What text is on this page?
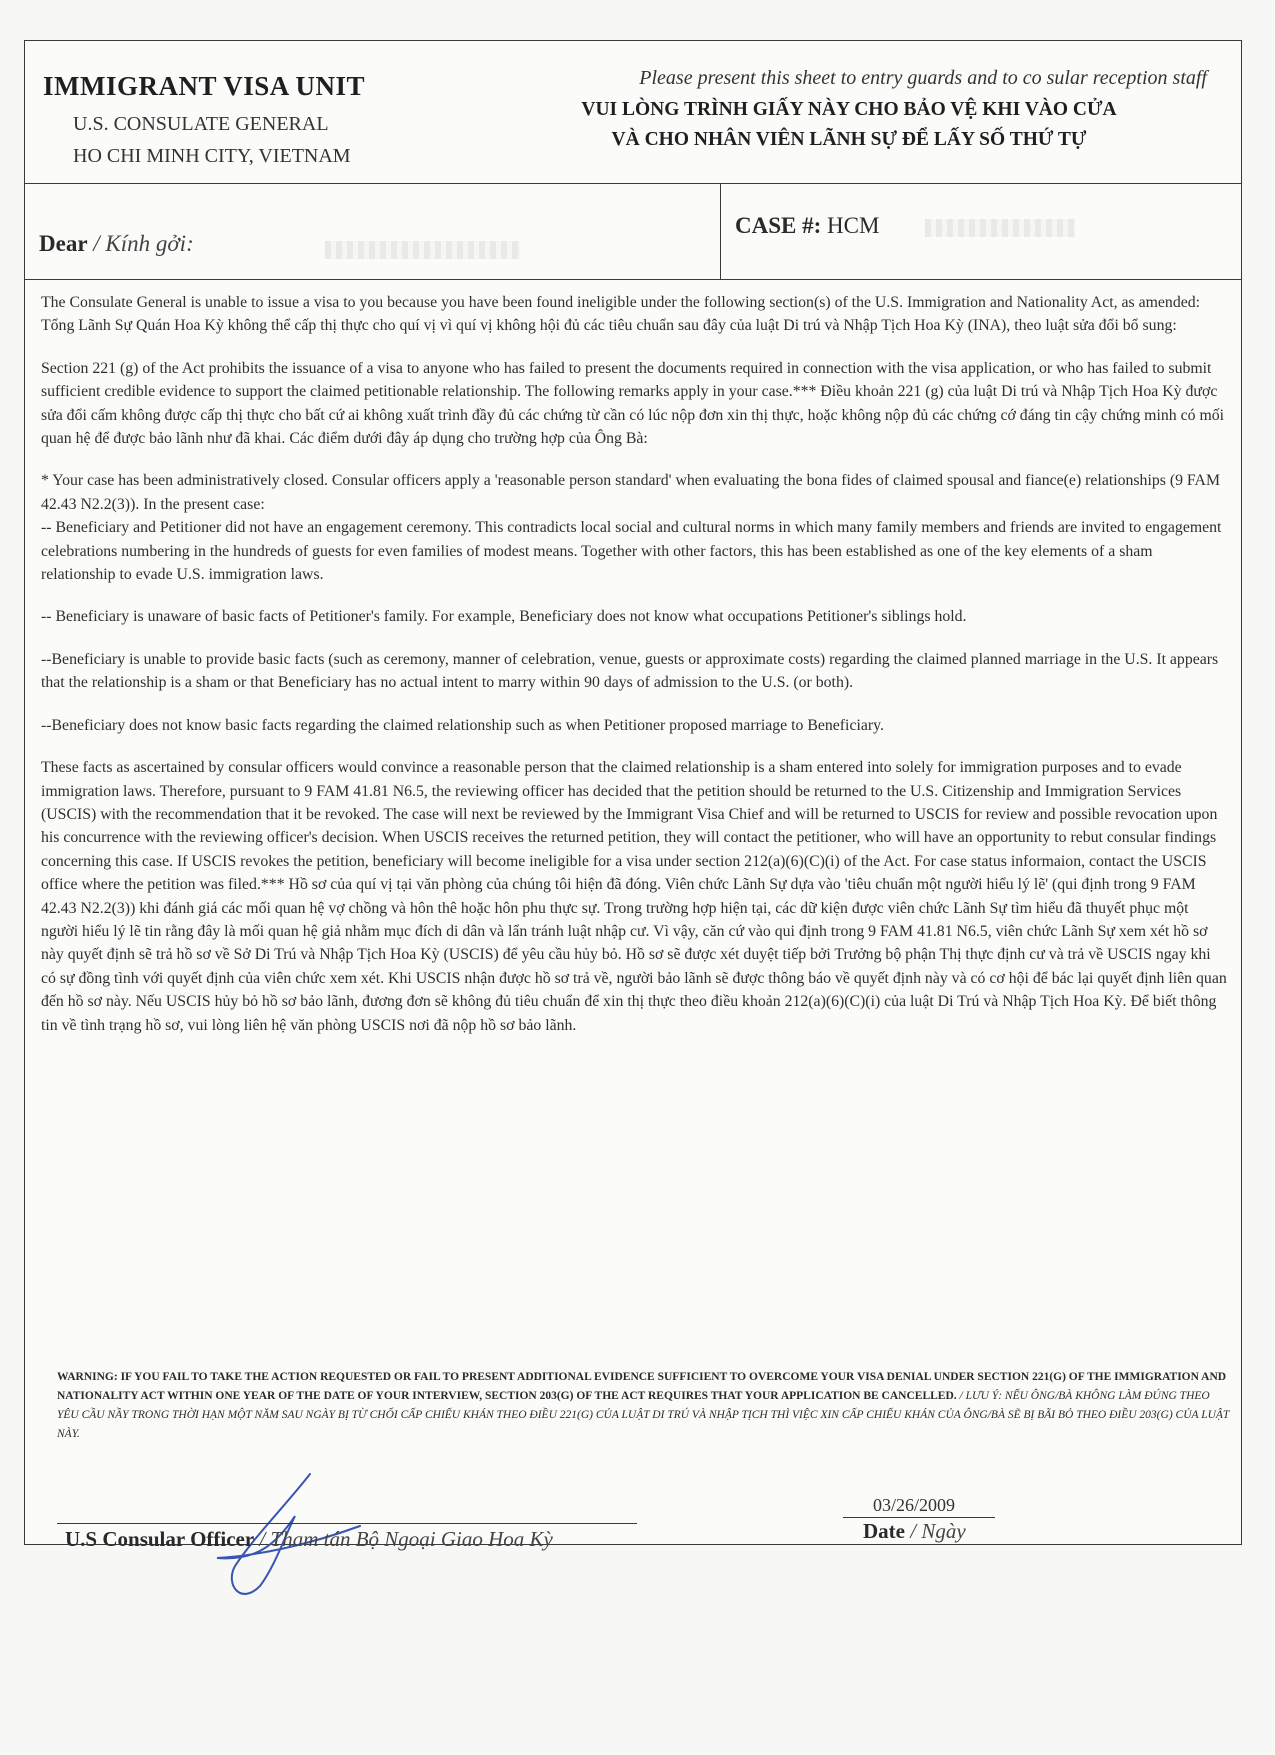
IMMIGRANT VISA UNIT
U.S. CONSULATE GENERAL
HO CHI MINH CITY, VIETNAM
Please present this sheet to entry guards and to co sular reception staff
VUI LÒNG TRÌNH GIẤY NÀY CHO BẢO VỆ KHI VÀO CỬA
VÀ CHO NHÂN VIÊN LÃNH SỰ ĐỂ LẤY SỐ THỨ TỰ
Dear / Kính gởi:
CASE #: HCM

The Consulate General is unable to issue a visa to you because you have been found ineligible under the following section(s) of the U.S. Immigration and Nationality Act, as amended: Tổng Lãnh Sự Quán Hoa Kỳ không thể cấp thị thực cho quí vị vì quí vị không hội đủ các tiêu chuẩn sau đây của luật Di trú và Nhập Tịch Hoa Kỳ (INA), theo luật sửa đổi bổ sung:

Section 221 (g) of the Act prohibits the issuance of a visa to anyone who has failed to present the documents required in connection with the visa application, or who has failed to submit sufficient credible evidence to support the claimed petitionable relationship. The following remarks apply in your case.*** Điều khoản 221 (g) của luật Di trú và Nhập Tịch Hoa Kỳ được sửa đổi cấm không được cấp thị thực cho bất cứ ai không xuất trình đầy đủ các chứng từ cần có lúc nộp đơn xin thị thực, hoặc không nộp đủ các chứng cớ đáng tin cậy chứng minh có mối quan hệ để được bảo lãnh như đã khai. Các điểm dưới đây áp dụng cho trường hợp của Ông Bà:

* Your case has been administratively closed. Consular officers apply a 'reasonable person standard' when evaluating the bona fides of claimed spousal and fiance(e) relationships (9 FAM 42.43 N2.2(3)). In the present case:

-- Beneficiary and Petitioner did not have an engagement ceremony. This contradicts local social and cultural norms in which many family members and friends are invited to engagement celebrations numbering in the hundreds of guests for even families of modest means. Together with other factors, this has been established as one of the key elements of a sham relationship to evade U.S. immigration laws.

-- Beneficiary is unaware of basic facts of Petitioner's family. For example, Beneficiary does not know what occupations Petitioner's siblings hold.

--Beneficiary is unable to provide basic facts (such as ceremony, manner of celebration, venue, guests or approximate costs) regarding the claimed planned marriage in the U.S. It appears that the relationship is a sham or that Beneficiary has no actual intent to marry within 90 days of admission to the U.S. (or both).

--Beneficiary does not know basic facts regarding the claimed relationship such as when Petitioner proposed marriage to Beneficiary.

These facts as ascertained by consular officers would convince a reasonable person that the claimed relationship is a sham entered into solely for immigration purposes and to evade immigration laws. Therefore, pursuant to 9 FAM 41.81 N6.5, the reviewing officer has decided that the petition should be returned to the U.S. Citizenship and Immigration Services (USCIS) with the recommendation that it be revoked. The case will next be reviewed by the Immigrant Visa Chief and will be returned to USCIS for review and possible revocation upon his concurrence with the reviewing officer's decision. When USCIS receives the returned petition, they will contact the petitioner, who will have an opportunity to rebut consular findings concerning this case. If USCIS revokes the petition, beneficiary will become ineligible for a visa under section 212(a)(6)(C)(i) of the Act. For case status informaion, contact the USCIS office where the petition was filed.*** Hồ sơ của quí vị tại văn phòng của chúng tôi hiện đã đóng. Viên chức Lãnh Sự dựa vào 'tiêu chuẩn một người hiểu lý lẽ' (qui định trong 9 FAM 42.43 N2.2(3)) khi đánh giá các mối quan hệ vợ chồng và hôn thê hoặc hôn phu thực sự. Trong trường hợp hiện tại, các dữ kiện được viên chức Lãnh Sự tìm hiểu đã thuyết phục một người hiểu lý lẽ tin rằng đây là mối quan hệ giả nhằm mục đích di dân và lẩn tránh luật nhập cư. Vì vậy, căn cứ vào qui định trong 9 FAM 41.81 N6.5, viên chức Lãnh Sự xem xét hồ sơ này quyết định sẽ trả hồ sơ về Sở Di Trú và Nhập Tịch Hoa Kỳ (USCIS) để yêu cầu hủy bỏ. Hồ sơ sẽ được xét duyệt tiếp bởi Trưởng bộ phận Thị thực định cư và trả về USCIS ngay khi có sự đồng tình với quyết định của viên chức xem xét. Khi USCIS nhận được hồ sơ trả về, người bảo lãnh sẽ được thông báo về quyết định này và có cơ hội để bác lại quyết định liên quan đến hồ sơ này. Nếu USCIS hủy bỏ hồ sơ bảo lãnh, đương đơn sẽ không đủ tiêu chuẩn để xin thị thực theo điều khoản 212(a)(6)(C)(i) của luật Di Trú và Nhập Tịch Hoa Kỳ. Để biết thông tin về tình trạng hồ sơ, vui lòng liên hệ văn phòng USCIS nơi đã nộp hồ sơ bảo lãnh.

WARNING: IF YOU FAIL TO TAKE THE ACTION REQUESTED OR FAIL TO PRESENT ADDITIONAL EVIDENCE SUFFICIENT TO OVERCOME YOUR VISA DENIAL UNDER SECTION 221(G) OF THE IMMIGRATION AND NATIONALITY ACT WITHIN ONE YEAR OF THE DATE OF YOUR INTERVIEW, SECTION 203(G) OF THE ACT REQUIRES THAT YOUR APPLICATION BE CANCELLED. / LƯU Ý: NẾU ÔNG/BÀ KHÔNG LÀM ĐÚNG THEO YÊU CẦU NẦY TRONG THỜI HẠN MỘT NĂM SAU NGÀY BỊ TỪ CHỐI CẤP CHIẾU KHÁN THEO ĐIỀU 221(G) CỦA LUẬT DI TRÚ VÀ NHẬP TỊCH THÌ VIỆC XIN CẤP CHIẾU KHÁN CỦA ÔNG/BÀ SẼ BỊ BÃI BỎ THEO ĐIỀU 203(G) CỦA LUẬT NÀY.
U.S Consular Officer / Tham tán Bộ Ngoại Giao Hoa Kỳ
03/26/2009
Date / Ngày
